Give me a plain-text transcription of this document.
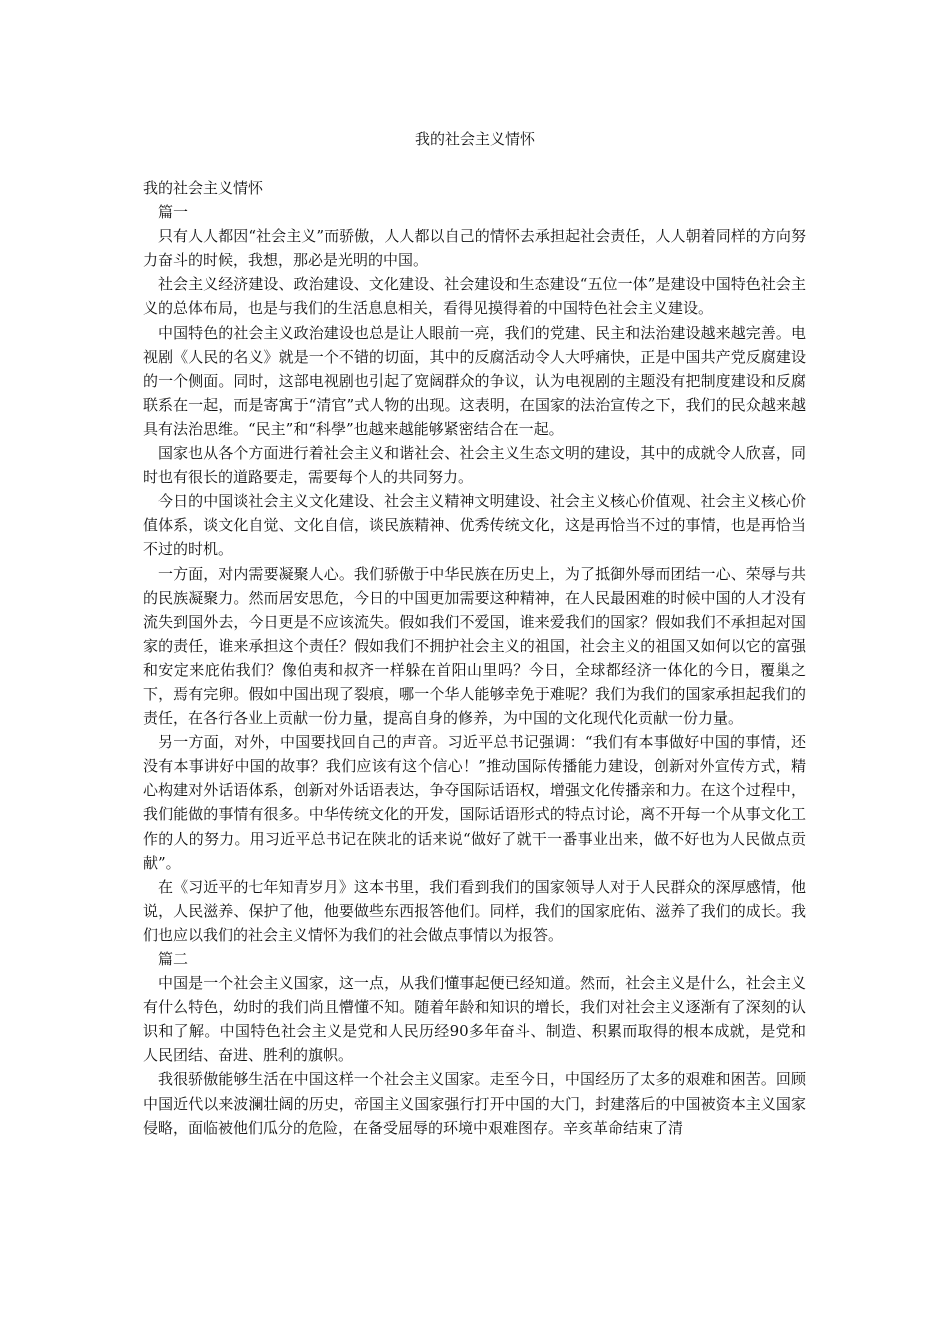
我的社会主义情怀

我的社会主义情怀

篇一

只有人人都因“社会主义”而骄傲，人人都以自己的情怀去承担起社会责任，人人朝着同样的方向努力奋斗的时候，我想，那必是光明的中国。

社会主义经济建设、政治建设、文化建设、社会建设和生态建设“五位一体”是建设中国特色社会主义的总体布局，也是与我们的生活息息相关，看得见摸得着的中国特色社会主义建设。

中国特色的社会主义政治建设也总是让人眼前一亮，我们的党建、民主和法治建设越来越完善。电视剧《人民的名义》就是一个不错的切面，其中的反腐活动令人大呼痛快，正是中国共产党反腐建设的一个侧面。同时，这部电视剧也引起了宽阔群众的争议，认为电视剧的主题没有把制度建设和反腐联系在一起，而是寄寓于“清官”式人物的出现。这表明，在国家的法治宣传之下，我们的民众越来越具有法治思维。“民主”和“科學”也越来越能够紧密结合在一起。

国家也从各个方面进行着社会主义和谐社会、社会主义生态文明的建设，其中的成就令人欣喜，同时也有很长的道路要走，需要每个人的共同努力。

今日的中国谈社会主义文化建设、社会主义精神文明建设、社会主义核心价值观、社会主义核心价值体系，谈文化自觉、文化自信，谈民族精神、优秀传统文化，这是再恰当不过的事情，也是再恰当不过的时机。

一方面，对内需要凝聚人心。我们骄傲于中华民族在历史上，为了抵御外辱而团结一心、荣辱与共的民族凝聚力。然而居安思危，今日的中国更加需要这种精神，在人民最困难的时候中国的人才没有流失到国外去，今日更是不应该流失。假如我们不爱国，谁来爱我们的国家？假如我们不承担起对国家的责任，谁来承担这个责任？假如我们不拥护社会主义的祖国，社会主义的祖国又如何以它的富强和安定来庇佑我们？像伯夷和叔齐一样躲在首阳山里吗？今日，全球都经济一体化的今日，覆巢之下，焉有完卵。假如中国出现了裂痕，哪一个华人能够幸免于难呢？我们为我们的国家承担起我们的责任，在各行各业上贡献一份力量，提高自身的修养，为中国的文化现代化贡献一份力量。

另一方面，对外，中国要找回自己的声音。习近平总书记强调：“我们有本事做好中国的事情，还没有本事讲好中国的故事？我们应该有这个信心！”推动国际传播能力建设，创新对外宣传方式，精心构建对外话语体系，创新对外话语表达，争夺国际话语权，增强文化传播亲和力。在这个过程中，我们能做的事情有很多。中华传统文化的开发，国际话语形式的特点讨论，离不开每一个从事文化工作的人的努力。用习近平总书记在陕北的话来说“做好了就干一番事业出来，做不好也为人民做点贡献”。

在《习近平的七年知青岁月》这本书里，我们看到我们的国家领导人对于人民群众的深厚感情，他说，人民滋养、保护了他，他要做些东西报答他们。同样，我们的国家庇佑、滋养了我们的成长。我们也应以我们的社会主义情怀为我们的社会做点事情以为报答。

篇二

中国是一个社会主义国家，这一点，从我们懂事起便已经知道。然而，社会主义是什么，社会主义有什么特色，幼时的我们尚且懵懂不知。随着年龄和知识的增长，我们对社会主义逐渐有了深刻的认识和了解。中国特色社会主义是党和人民历经90多年奋斗、制造、积累而取得的根本成就，是党和人民团结、奋进、胜利的旗帜。

我很骄傲能够生活在中国这样一个社会主义国家。走至今日，中国经历了太多的艰难和困苦。回顾中国近代以来波澜壮阔的历史，帝国主义国家强行打开中国的大门，封建落后的中国被资本主义国家侵略，面临被他们瓜分的危险，在备受屈辱的环境中艰难图存。辛亥革命结束了清
